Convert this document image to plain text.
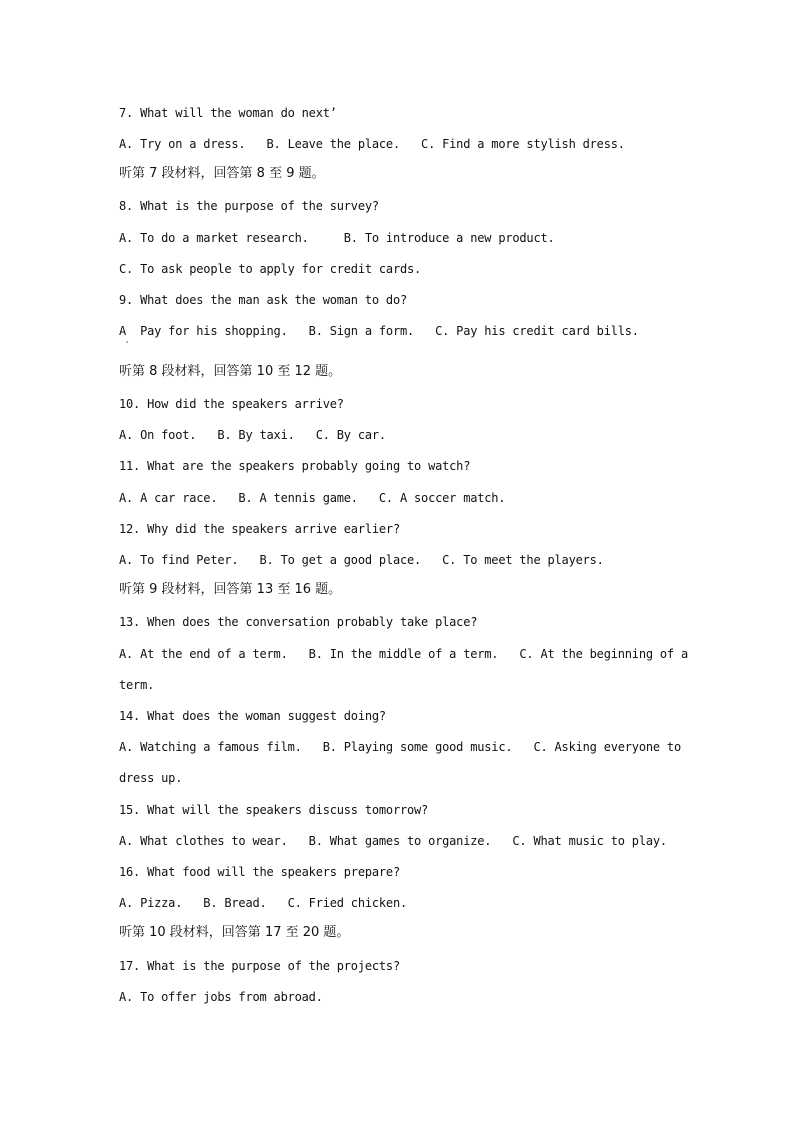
7. What will the woman do next’
A. Try on a dress.   B. Leave the place.   C. Find a more stylish dress.
听第 7 段材料，回答第 8 至 9 题。
8. What is the purpose of the survey?
A. To do a market research.     B. To introduce a new product.
C. To ask people to apply for credit cards.
9. What does the man ask the woman to do?
A  Pay for his shopping.   B. Sign a form.   C. Pay his credit card bills.
'
听第 8 段材料，回答第 10 至 12 题。
10. How did the speakers arrive?
A. On foot.   B. By taxi.   C. By car.
11. What are the speakers probably going to watch?
A. A car race.   B. A tennis game.   C. A soccer match.
12. Why did the speakers arrive earlier?
A. To find Peter.   B. To get a good place.   C. To meet the players.
听第 9 段材料，回答第 13 至 16 题。
13. When does the conversation probably take place?
A. At the end of a term.   B. In the middle of a term.   C. At the beginning of a
term.
14. What does the woman suggest doing?
A. Watching a famous film.   B. Playing some good music.   C. Asking everyone to
dress up.
15. What will the speakers discuss tomorrow?
A. What clothes to wear.   B. What games to organize.   C. What music to play.
16. What food will the speakers prepare?
A. Pizza.   B. Bread.   C. Fried chicken.
听第 10 段材料，回答第 17 至 20 题。
17. What is the purpose of the projects?
A. To offer jobs from abroad.
